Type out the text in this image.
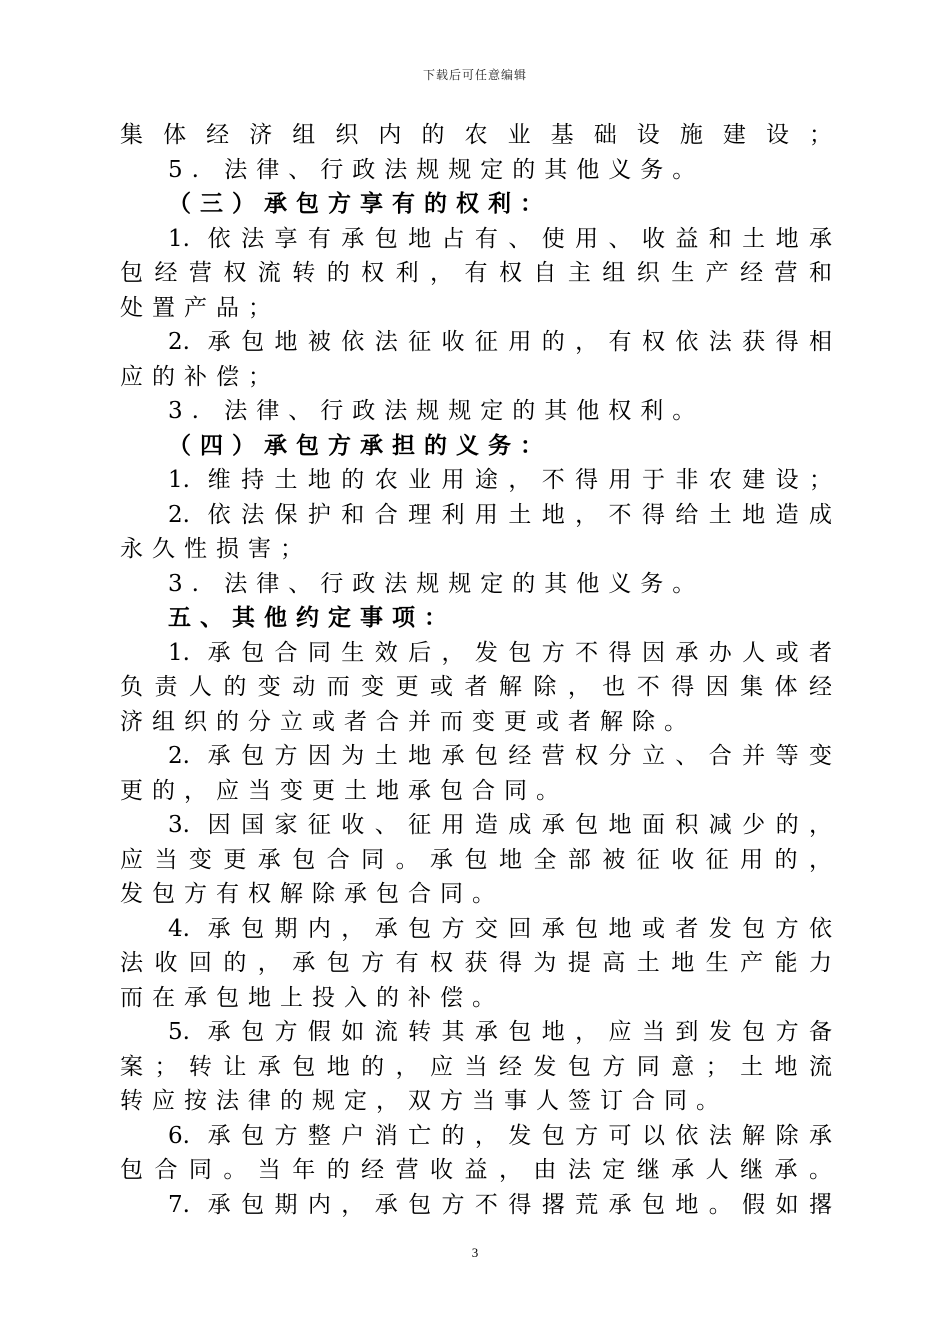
下载后可任意编辑
集体经济组织内的农业基础设施建设；
5. 法律、行政法规规定的其他义务。
（三）承包方享有的权利：
1. 依法享有承包地占有、使用、收益和土地承
包经营权流转的权利，有权自主组织生产经营和
处置产品；
2. 承包地被依法征收征用的，有权依法获得相
应的补偿；
3. 法律、行政法规规定的其他权利。
（四）承包方承担的义务：
1. 维持土地的农业用途，不得用于非农建设；
2. 依法保护和合理利用土地，不得给土地造成
永久性损害；
3. 法律、行政法规规定的其他义务。
五、其他约定事项：
1. 承包合同生效后，发包方不得因承办人或者
负责人的变动而变更或者解除，也不得因集体经
济组织的分立或者合并而变更或者解除。
2. 承包方因为土地承包经营权分立、合并等变
更的，应当变更土地承包合同。
3. 因国家征收、征用造成承包地面积减少的，
应当变更承包合同。承包地全部被征收征用的，
发包方有权解除承包合同。
4. 承包期内，承包方交回承包地或者发包方依
法收回的，承包方有权获得为提高土地生产能力
而在承包地上投入的补偿。
5. 承包方假如流转其承包地，应当到发包方备
案；转让承包地的，应当经发包方同意；土地流
转应按法律的规定，双方当事人签订合同。
6. 承包方整户消亡的，发包方可以依法解除承
包合同。当年的经营收益，由法定继承人继承。
7. 承包期内，承包方不得撂荒承包地。假如撂
3
